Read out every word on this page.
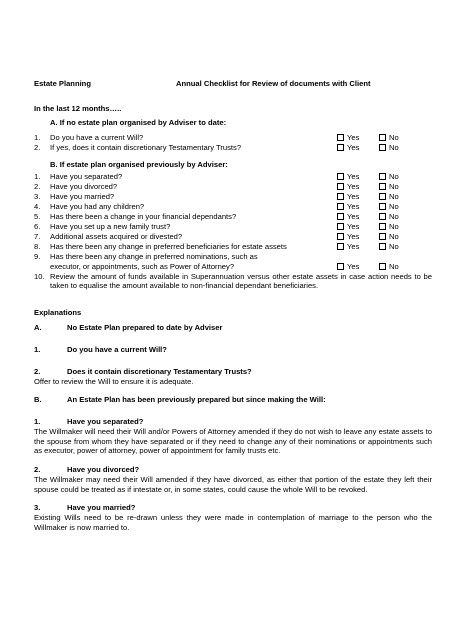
Estate Planning	Annual Checklist for Review of documents with Client
In the last 12 months…..
A. If no estate plan organised by Adviser to date:
1.	Do you have a current Will?	Yes	No
2.	If yes, does it contain discretionary Testamentary Trusts?	Yes	No
B. If estate plan organised previously by Adviser:
1.	Have you separated?	Yes	No
2.	Have you divorced?	Yes	No
3.	Have you married?	Yes	No
4.	Have you had any children?	Yes	No
5.	Has there been a change in your financial dependants?	Yes	No
6.	Have you set up a new family trust?	Yes	No
7.	Additional assets acquired or divested?	Yes	No
8.	Has there been any change in preferred beneficiaries for estate assets	Yes	No
9.	Has there been any change in preferred nominations, such as
executor, or appointments, such as Power of Attorney?	Yes	No
10. Review the amount of funds available in Superannuation versus other estate assets in case action needs to be taken to equalise the amount available to non-financial dependant beneficiaries.
Explanations
A.	No Estate Plan prepared to date by Adviser
1.	Do you have a current Will?
2.	Does it contain discretionary Testamentary Trusts?
Offer to review the Will to ensure it is adequate.
B.	An Estate Plan has been previously prepared but since making the Will:
1.	Have you separated?
The Willmaker will need their Will and/or Powers of Attorney amended if they do not wish to leave any estate assets to the spouse from whom they have separated or if they need to change any of their nominations or appointments such as executor, power of attorney, power of appointment for family trusts etc.
2.	Have you divorced?
The Willmaker may need their Will amended if they have divorced, as either that portion of the estate they left their spouse could be treated as if intestate or, in some states, could cause the whole Will to be revoked.
3.	Have you married?
Existing Wills need to be re-drawn unless they were made in contemplation of marriage to the person who the Willmaker is now married to.
